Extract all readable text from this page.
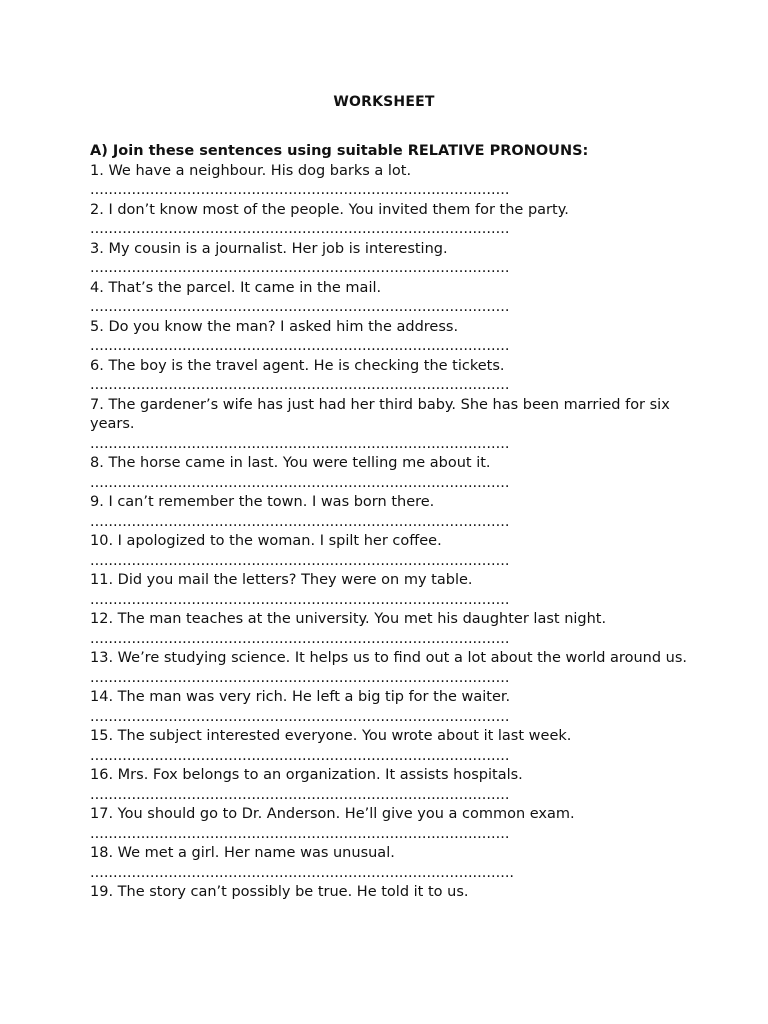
WORKSHEET

A) Join these sentences using suitable RELATIVE PRONOUNS:

1. We have a neighbour. His dog barks a lot.

...........................................................................................

2. I don’t know most of the people. You invited them for the party.

...........................................................................................

3. My cousin is a journalist. Her job is interesting.

...........................................................................................

4. That’s the parcel. It came in the mail.

...........................................................................................

5. Do you know the man? I asked him the address.

...........................................................................................

6. The boy is the travel agent. He is checking the tickets.

...........................................................................................

7. The gardener’s wife has just had her third baby. She has been married for six years.

...........................................................................................

8. The horse came in last. You were telling me about it.

...........................................................................................

9. I can’t remember the town. I was born there.

...........................................................................................

10. I apologized to the woman. I spilt her coffee.

...........................................................................................

11. Did you mail the letters? They were on my table.

...........................................................................................

12. The man teaches at the university. You met his daughter last night.

...........................................................................................

13. We’re studying science. It helps us to find out a lot about the world around us.

...........................................................................................

14. The man was very rich. He left a big tip for the waiter.

...........................................................................................

15. The subject interested everyone. You wrote about it last week.

...........................................................................................

16. Mrs. Fox belongs to an organization. It assists hospitals.

...........................................................................................

17. You should go to Dr. Anderson. He’ll give you a common exam.

...........................................................................................

18. We met a girl. Her name was unusual.

............................................................................................

19. The story can’t possibly be true. He told it to us.
